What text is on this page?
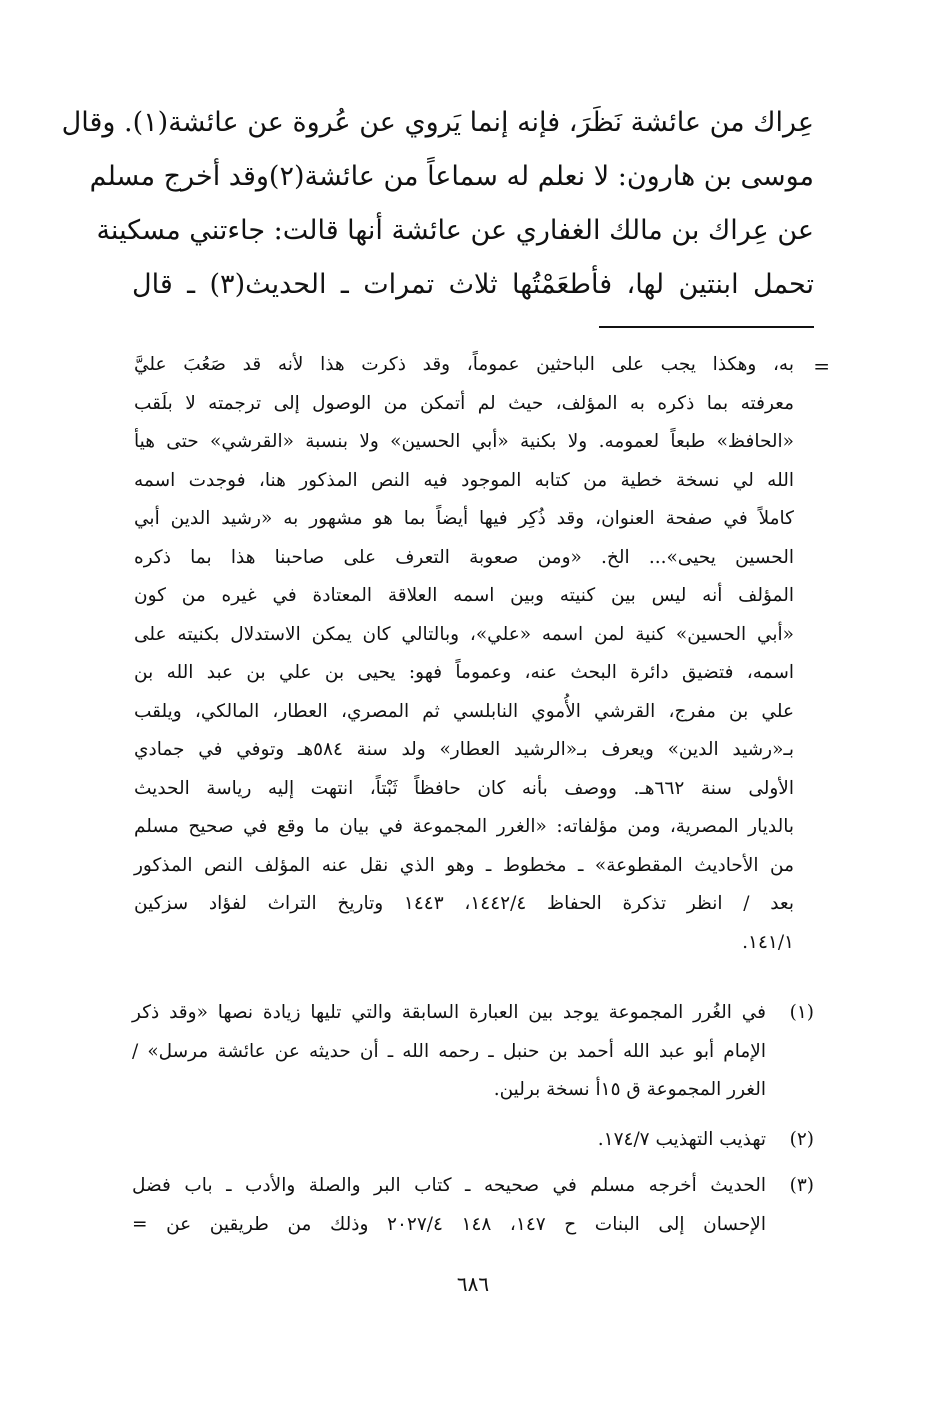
عِراك من عائشة نَظَرَ، فإنه إنما يَروي عن عُروة عن عائشة(١). وقال
موسى بن هارون: لا نعلم له سماعاً من عائشة(٢)وقد أخرج مسلم
عن عِراك بن مالك الغفاري عن عائشة أنها قالت: جاءتني مسكينة
تحمل ابنتين لها، فأطعَمْتُها ثلاث تمرات ـ الحديث(٣) ـ قال
=
به، وهكذا يجب على الباحثين عموماً، وقد ذكرت هذا لأنه قد صَعُبَ عليَّ
معرفته بما ذكره به المؤلف، حيث لم أتمكن من الوصول إلى ترجمته لا بلَقب
«الحافظ» طبعاً لعمومه. ولا بكنية «أبي الحسين» ولا بنسبة «القرشي» حتى هيأ
الله لي نسخة خطية من كتابه الموجود فيه النص المذكور هنا، فوجدت اسمه
كاملاً في صفحة العنوان، وقد ذُكِر فيها أيضاً بما هو مشهور به «رشيد الدين أبي
الحسين يحيى»... الخ. «ومن صعوبة التعرف على صاحبنا هذا بما ذكره
المؤلف أنه ليس بين كنيته وبين اسمه العلاقة المعتادة في غيره من كون
«أبي الحسين» كنية لمن اسمه «علي»، وبالتالي كان يمكن الاستدلال بكنيته على
اسمه، فتضيق دائرة البحث عنه، وعموماً فهو: يحيى بن علي بن عبد الله بن
علي بن مفرج، القرشي الأُموي النابلسي ثم المصري، العطار، المالكي، ويلقب
بـ«رشيد الدين» ويعرف بـ«الرشيد العطار» ولد سنة ٥٨٤هـ وتوفي في جمادي
الأولى سنة ٦٦٢هـ. ووصف بأنه كان حافظاً ثَبْتاً، انتهت إليه رياسة الحديث
بالديار المصرية، ومن مؤلفاته: «الغرر المجموعة في بيان ما وقع في صحيح مسلم
من الأحاديث المقطوعة» ـ مخطوط ـ وهو الذي نقل عنه المؤلف النص المذكور
بعد / انظر تذكرة الحفاظ ١٤٤٢/٤، ١٤٤٣ وتاريخ التراث لفؤاد سزكين
١٤١/١.
(١)
في الغُرر المجموعة يوجد بين العبارة السابقة والتي تليها زيادة نصها «وقد ذكر
الإمام أبو عبد الله أحمد بن حنبل ـ رحمه الله ـ أن حديثه عن عائشة مرسل» /
الغرر المجموعة ق ١٥أ نسخة برلين.
(٢)
تهذيب التهذيب ١٧٤/٧.
(٣)
الحديث أخرجه مسلم في صحيحه ـ كتاب البر والصلة والأدب ـ باب فضل
الإحسان إلى البنات ح ١٤٧، ١٤٨ ٢٠٢٧/٤ وذلك من طريقين عن =
٦٨٦
